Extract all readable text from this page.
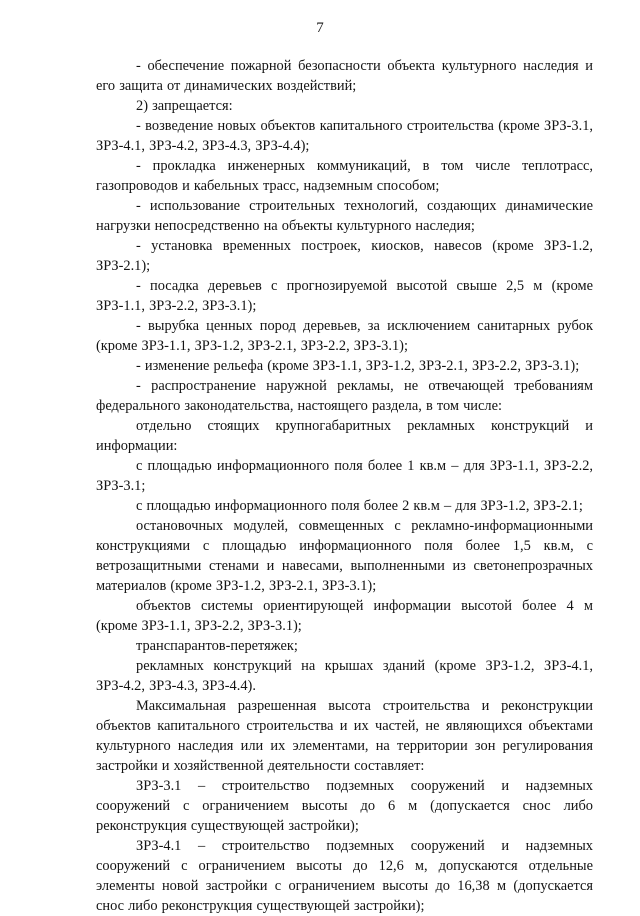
7

- обеспечение пожарной безопасности объекта культурного наследия и его защита от динамических воздействий;

2) запрещается:

- возведение новых объектов капитального строительства (кроме ЗРЗ-3.1, ЗРЗ-4.1, ЗРЗ-4.2, ЗРЗ-4.3, ЗРЗ-4.4);

- прокладка инженерных коммуникаций, в том числе теплотрасс, газопроводов и кабельных трасс, надземным способом;

- использование строительных технологий, создающих динамические нагрузки непосредственно на объекты культурного наследия;

- установка временных построек, киосков, навесов (кроме ЗРЗ-1.2, ЗРЗ-2.1);

- посадка деревьев с прогнозируемой высотой свыше 2,5 м (кроме ЗРЗ-1.1, ЗРЗ-2.2, ЗРЗ-3.1);

- вырубка ценных пород деревьев, за исключением санитарных рубок (кроме ЗРЗ-1.1, ЗРЗ-1.2, ЗРЗ-2.1, ЗРЗ-2.2, ЗРЗ-3.1);

- изменение рельефа (кроме ЗРЗ-1.1, ЗРЗ-1.2, ЗРЗ-2.1, ЗРЗ-2.2, ЗРЗ-3.1);

- распространение наружной рекламы, не отвечающей требованиям федерального законодательства, настоящего раздела, в том числе:

отдельно стоящих крупногабаритных рекламных конструкций и информации:

с площадью информационного поля более 1 кв.м – для ЗРЗ-1.1, ЗРЗ-2.2, ЗРЗ-3.1;

с площадью информационного поля более 2 кв.м – для ЗРЗ-1.2, ЗРЗ-2.1;

остановочных модулей, совмещенных с рекламно-информационными конструкциями с площадью информационного поля более 1,5 кв.м, с ветрозащитными стенами и навесами, выполненными из светонепрозрачных материалов (кроме ЗРЗ-1.2, ЗРЗ-2.1, ЗРЗ-3.1);

объектов системы ориентирующей информации высотой более 4 м (кроме ЗРЗ-1.1, ЗРЗ-2.2, ЗРЗ-3.1);

транспарантов-перетяжек;

рекламных конструкций на крышах зданий (кроме ЗРЗ-1.2, ЗРЗ-4.1, ЗРЗ-4.2, ЗРЗ-4.3, ЗРЗ-4.4).

Максимальная разрешенная высота строительства и реконструкции объектов капитального строительства и их частей, не являющихся объектами культурного наследия или их элементами, на территории зон регулирования застройки и хозяйственной деятельности составляет:

ЗРЗ-3.1 – строительство подземных сооружений и надземных сооружений с ограничением высоты до 6 м (допускается снос либо реконструкция существующей застройки);

ЗРЗ-4.1 – строительство подземных сооружений и надземных сооружений с ограничением высоты до 12,6 м, допускаются отдельные элементы новой застройки с ограничением высоты до 16,38 м (допускается снос либо реконструкция существующей застройки);
